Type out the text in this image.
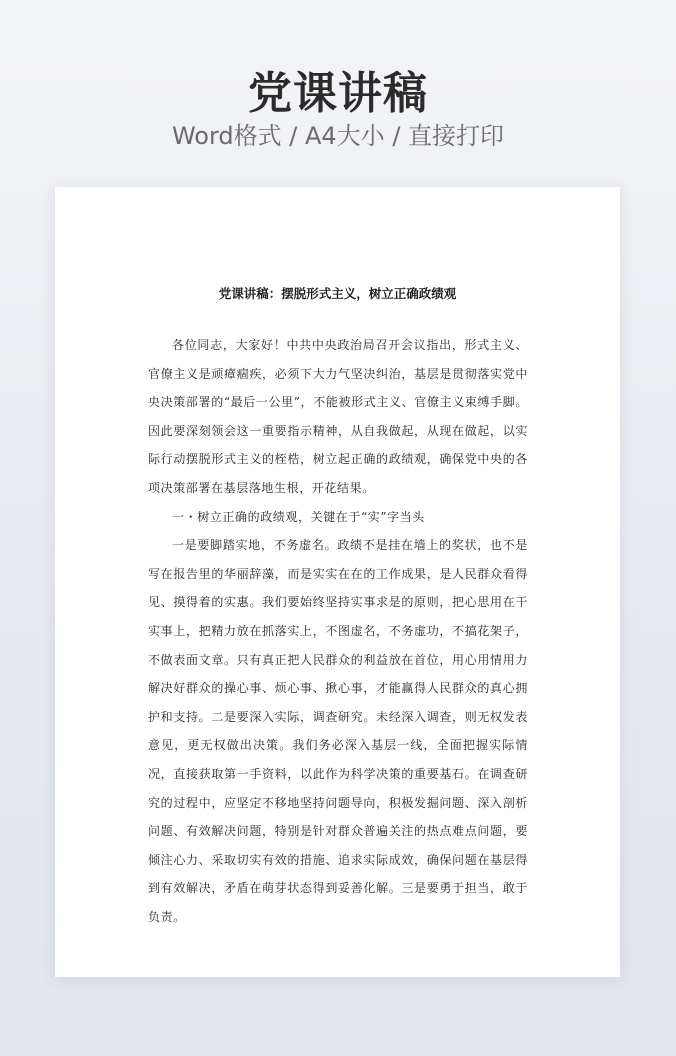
党课讲稿
Word格式 / A4大小 / 直接打印
党课讲稿：摆脱形式主义，树立正确政绩观

各位同志，大家好！中共中央政治局召开会议指出，形式主义、官僚主义是顽瘴痼疾，必须下大力气坚决纠治，基层是贯彻落实党中央决策部署的“最后一公里”，不能被形式主义、官僚主义束缚手脚。因此要深刻领会这一重要指示精神，从自我做起，从现在做起，以实际行动摆脱形式主义的桎梏，树立起正确的政绩观，确保党中央的各项决策部署在基层落地生根，开花结果。

一・树立正确的政绩观，关键在于“实”字当头

一是要脚踏实地，不务虚名。政绩不是挂在墙上的奖状，也不是写在报告里的华丽辞藻，而是实实在在的工作成果，是人民群众看得见、摸得着的实惠。我们要始终坚持实事求是的原则，把心思用在干实事上，把精力放在抓落实上，不图虚名，不务虚功，不搞花架子，不做表面文章。只有真正把人民群众的利益放在首位，用心用情用力解决好群众的操心事、烦心事、揪心事，才能赢得人民群众的真心拥护和支持。二是要深入实际，调查研究。未经深入调查，则无权发表意见，更无权做出决策。我们务必深入基层一线，全面把握实际情况，直接获取第一手资料，以此作为科学决策的重要基石。在调查研究的过程中，应坚定不移地坚持问题导向，积极发掘问题、深入剖析问题、有效解决问题，特别是针对群众普遍关注的热点难点问题，要倾注心力、采取切实有效的措施、追求实际成效，确保问题在基层得到有效解决，矛盾在萌芽状态得到妥善化解。三是要勇于担当，敢于负责。
